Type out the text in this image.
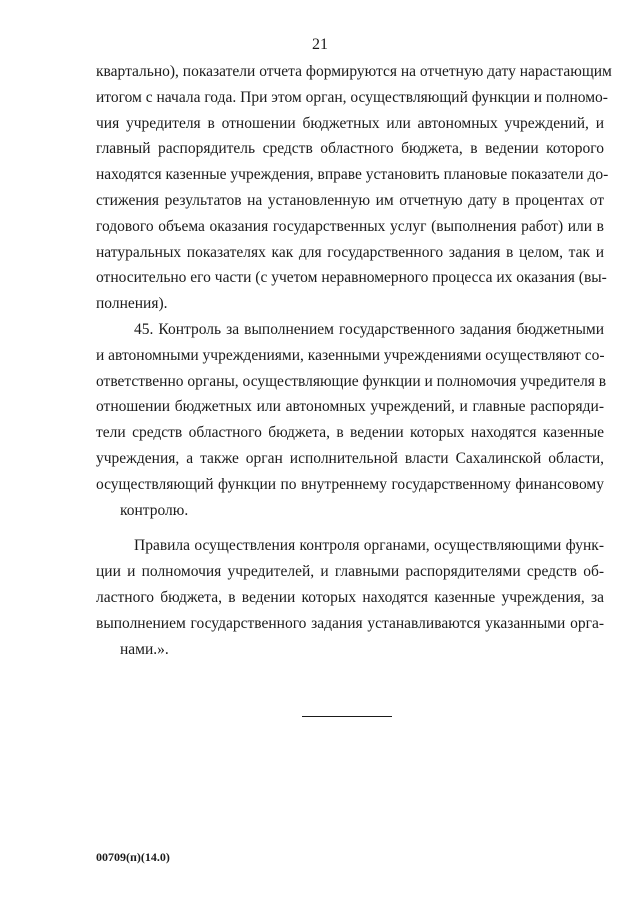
21

квартально), показатели отчета формируются на отчетную дату нарастающим
итогом с начала года. При этом орган, осуществляющий функции и полномо-
чия учредителя в отношении бюджетных или автономных учреждений, и
главный распорядитель средств областного бюджета, в ведении которого
находятся казенные учреждения, вправе установить плановые показатели до-
стижения результатов на установленную им отчетную дату в процентах от
годового объема оказания государственных услуг (выполнения работ) или в
натуральных показателях как для государственного задания в целом, так и
относительно его части (с учетом неравномерного процесса их оказания (вы-
полнения).

45. Контроль за выполнением государственного задания бюджетными
и автономными учреждениями, казенными учреждениями осуществляют со-
ответственно органы, осуществляющие функции и полномочия учредителя в
отношении бюджетных или автономных учреждений, и главные распоряди-
тели средств областного бюджета, в ведении которых находятся казенные
учреждения, а также орган исполнительной власти Сахалинской области,
осуществляющий функции по внутреннему государственному финансовому
контролю.

Правила осуществления контроля органами, осуществляющими функ-
ции и полномочия учредителей, и главными распорядителями средств об-
ластного бюджета, в ведении которых находятся казенные учреждения, за
выполнением государственного задания устанавливаются указанными орга-
нами.».

00709(п)(14.0)
